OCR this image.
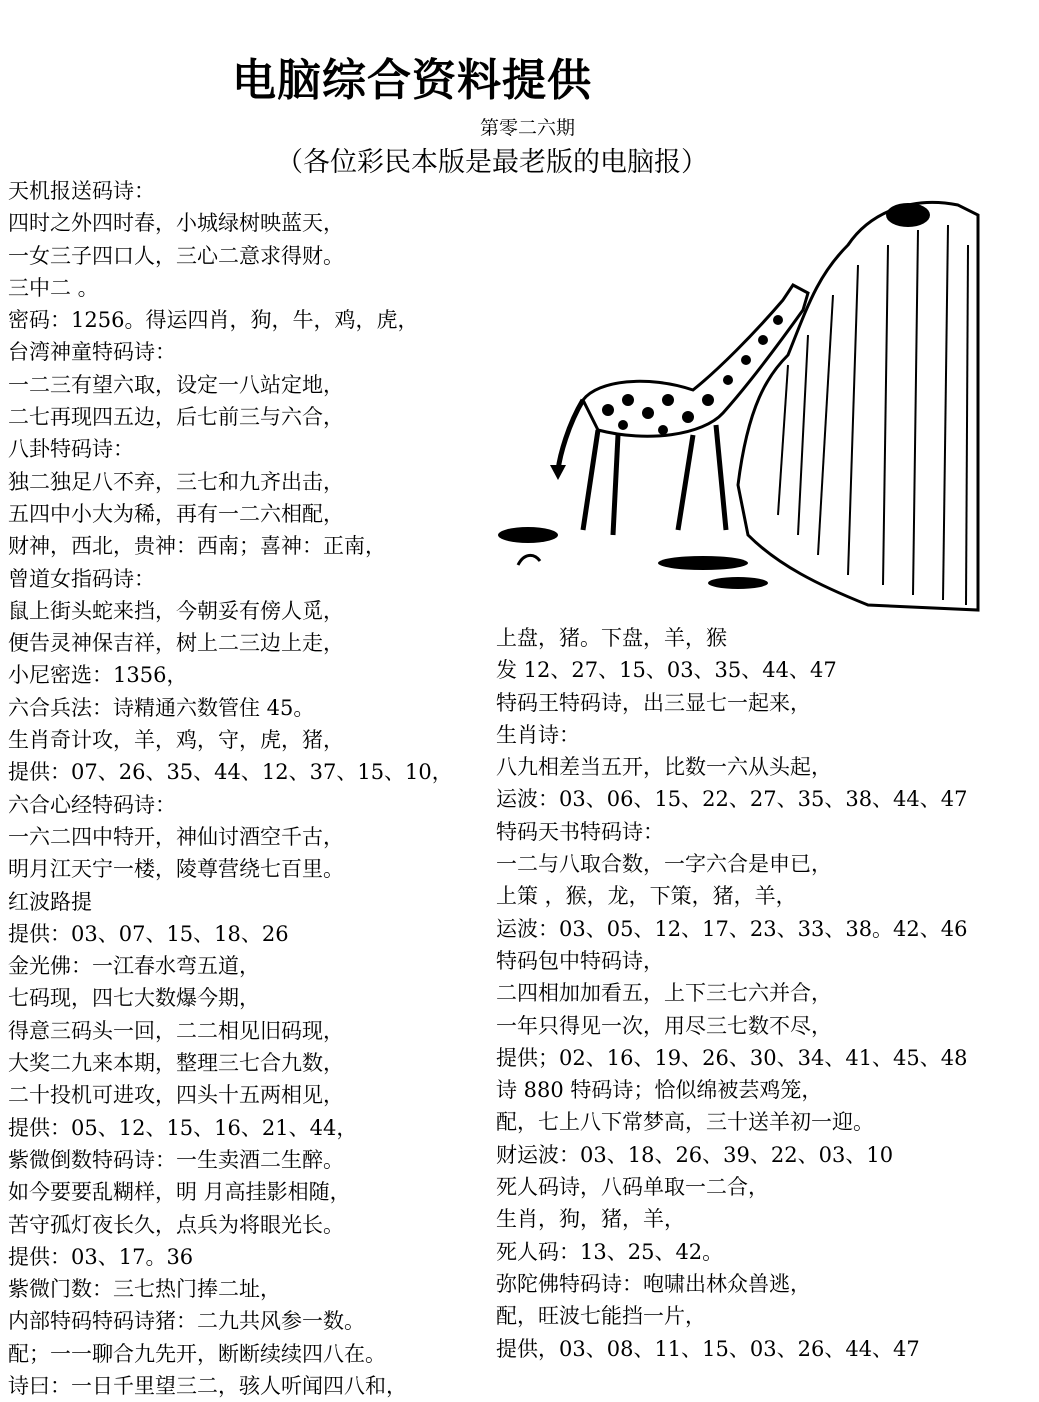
电脑综合资料提供
第零二六期
（各位彩民本版是最老版的电脑报）
天机报送码诗：
四时之外四时春，小城绿树映蓝天，
一女三子四口人，三心二意求得财。
三中二 。
密码：1256。得运四肖，狗，牛，鸡，虎，
台湾神童特码诗：
一二三有望六取，设定一八站定地，
二七再现四五边，后七前三与六合，
八卦特码诗：
独二独足八不弃，三七和九齐出击，
五四中小大为稀，再有一二六相配，
财神，西北，贵神：西南；喜神：正南，
曾道女指码诗：
鼠上街头蛇来挡，今朝妥有傍人觅，
便告灵神保吉祥，树上二三边上走，
小尼密选：1356，
六合兵法：诗精通六数管住 45。
生肖奇计攻，羊，鸡，守，虎，猪，
提供：07、26、35、44、12、37、15、10，
六合心经特码诗：
一六二四中特开，神仙讨酒空千古，
明月江天宁一楼，陵尊营绕七百里。
红波路提
提供：03、07、15、18、26
金光佛：一江春水弯五道，
七码现，四七大数爆今期，
得意三码头一回，二二相见旧码现，
大奖二九来本期，整理三七合九数，
二十投机可进攻，四头十五两相见，
提供：05、12、15、16、21、44，
紫微倒数特码诗：一生卖酒二生醉。
如今要要乱糊样，明 月高挂影相随，
苦守孤灯夜长久，点兵为将眼光长。
提供：03、17。36
紫微门数：三七热门捧二址，
内部特码特码诗猪：二九共风参一数。
配；一一聊合九先开，断断续续四八在。
诗曰：一日千里望三二，骇人听闻四八和，
上盘，猪。下盘，羊，猴
发 12、27、15、03、35、44、47
特码王特码诗，出三显七一起来，
生肖诗：
八九相差当五开，比数一六从头起，
运波：03、06、15、22、27、35、38、44、47
特码天书特码诗：
一二与八取合数，一字六合是申已，
上策 ，猴，龙，下策，猪，羊，
运波：03、05、12、17、23、33、38。42、46
特码包中特码诗，
二四相加加看五，上下三七六并合，
一年只得见一次，用尽三七数不尽，
提供；02、16、19、26、30、34、41、45、48
诗 880 特码诗；恰似绵被芸鸡笼，
配，七上八下常梦高，三十送羊初一迎。
财运波：03、18、26、39、22、03、10
死人码诗，八码单取一二合，
生肖，狗，猪，羊，
死人码：13、25、42。
弥陀佛特码诗：咆啸出林众兽逃，
配，旺波七能挡一片，
提供，03、08、11、15、03、26、44、47
